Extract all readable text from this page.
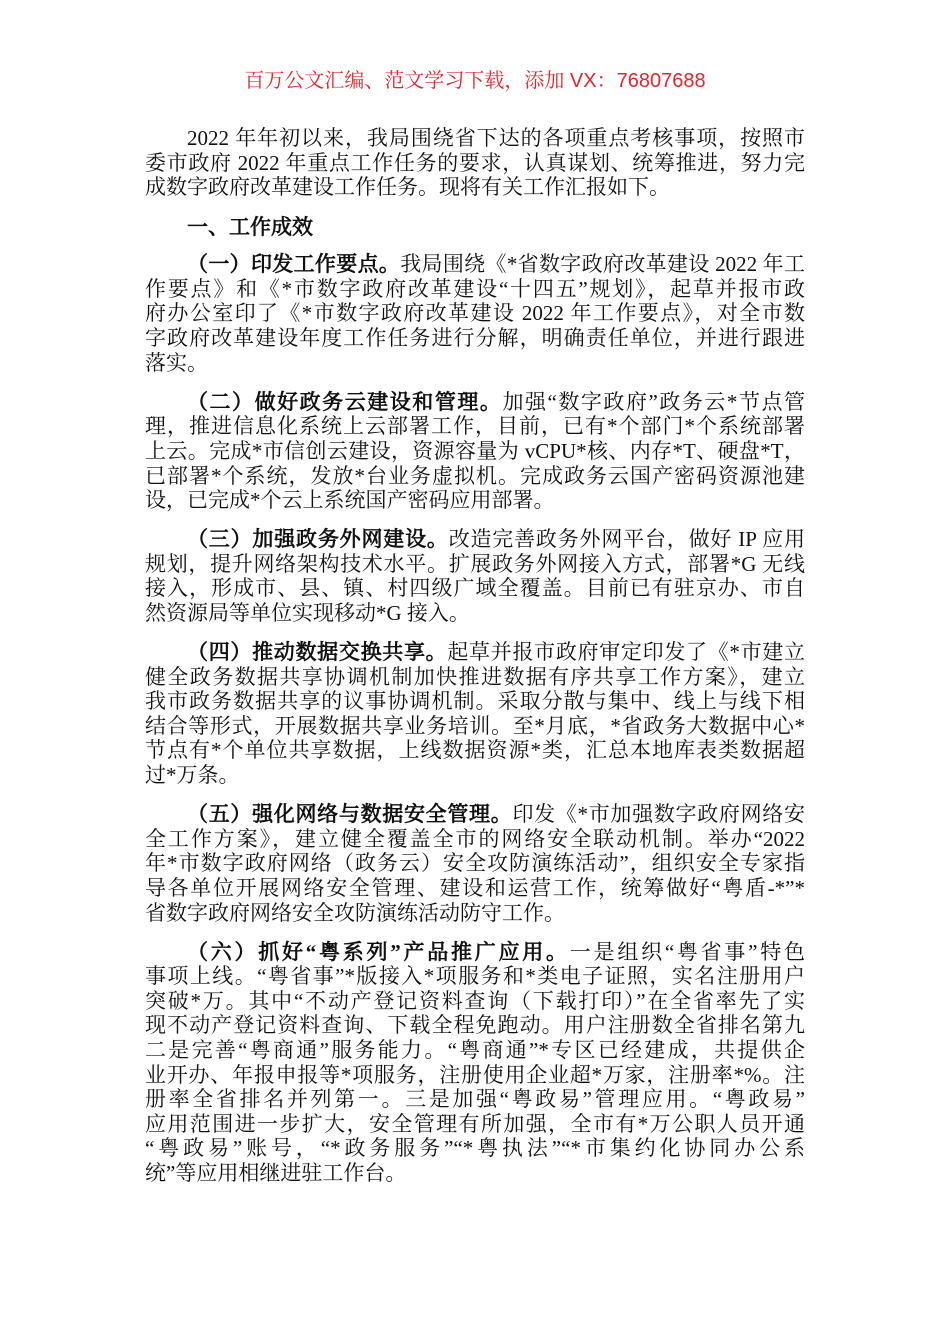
百万公文汇编、范文学习下载，添加 VX：76807688
2022 年年初以来，我局围绕省下达的各项重点考核事项，按照市
委市政府 2022 年重点工作任务的要求，认真谋划、统筹推进，努力完
成数字政府改革建设工作任务。现将有关工作汇报如下。
一、工作成效
（一）印发工作要点。我局围绕《*省数字政府改革建设 2022 年工
作要点》和《*市数字政府改革建设“十四五”规划》，起草并报市政
府办公室印了《*市数字政府改革建设 2022 年工作要点》，对全市数
字政府改革建设年度工作任务进行分解，明确责任单位，并进行跟进
落实。
（二）做好政务云建设和管理。加强“数字政府”政务云*节点管
理，推进信息化系统上云部署工作，目前，已有*个部门*个系统部署
上云。完成*市信创云建设，资源容量为 vCPU*核、内存*T、硬盘*T，
已部署*个系统，发放*台业务虚拟机。完成政务云国产密码资源池建
设，已完成*个云上系统国产密码应用部署。
（三）加强政务外网建设。改造完善政务外网平台，做好 IP 应用
规划，提升网络架构技术水平。扩展政务外网接入方式，部署*G 无线
接入，形成市、县、镇、村四级广域全覆盖。目前已有驻京办、市自
然资源局等单位实现移动*G 接入。
（四）推动数据交换共享。起草并报市政府审定印发了《*市建立
健全政务数据共享协调机制加快推进数据有序共享工作方案》，建立
我市政务数据共享的议事协调机制。采取分散与集中、线上与线下相
结合等形式，开展数据共享业务培训。至*月底，*省政务大数据中心*
节点有*个单位共享数据，上线数据资源*类，汇总本地库表类数据超
过*万条。
（五）强化网络与数据安全管理。印发《*市加强数字政府网络安
全工作方案》，建立健全覆盖全市的网络安全联动机制。举办“2022
年*市数字政府网络（政务云）安全攻防演练活动”，组织安全专家指
导各单位开展网络安全管理、建设和运营工作，统筹做好“粤盾-*”*
省数字政府网络安全攻防演练活动防守工作。
（六）抓好“粤系列”产品推广应用。一是组织“粤省事”特色
事项上线。“粤省事”*版接入*项服务和*类电子证照，实名注册用户
突破*万。其中“不动产登记资料查询（下载打印）”在全省率先了实
现不动产登记资料查询、下载全程免跑动。用户注册数全省排名第九
二是完善“粤商通”服务能力。“粤商通”*专区已经建成，共提供企
业开办、年报申报等*项服务，注册使用企业超*万家，注册率*%。注
册率全省排名并列第一。三是加强“粤政易”管理应用。“粤政易”
应用范围进一步扩大，安全管理有所加强，全市有*万公职人员开通
“粤政易”账号，“*政务服务”“*粤执法”“*市集约化协同办公系
统”等应用相继进驻工作台。
